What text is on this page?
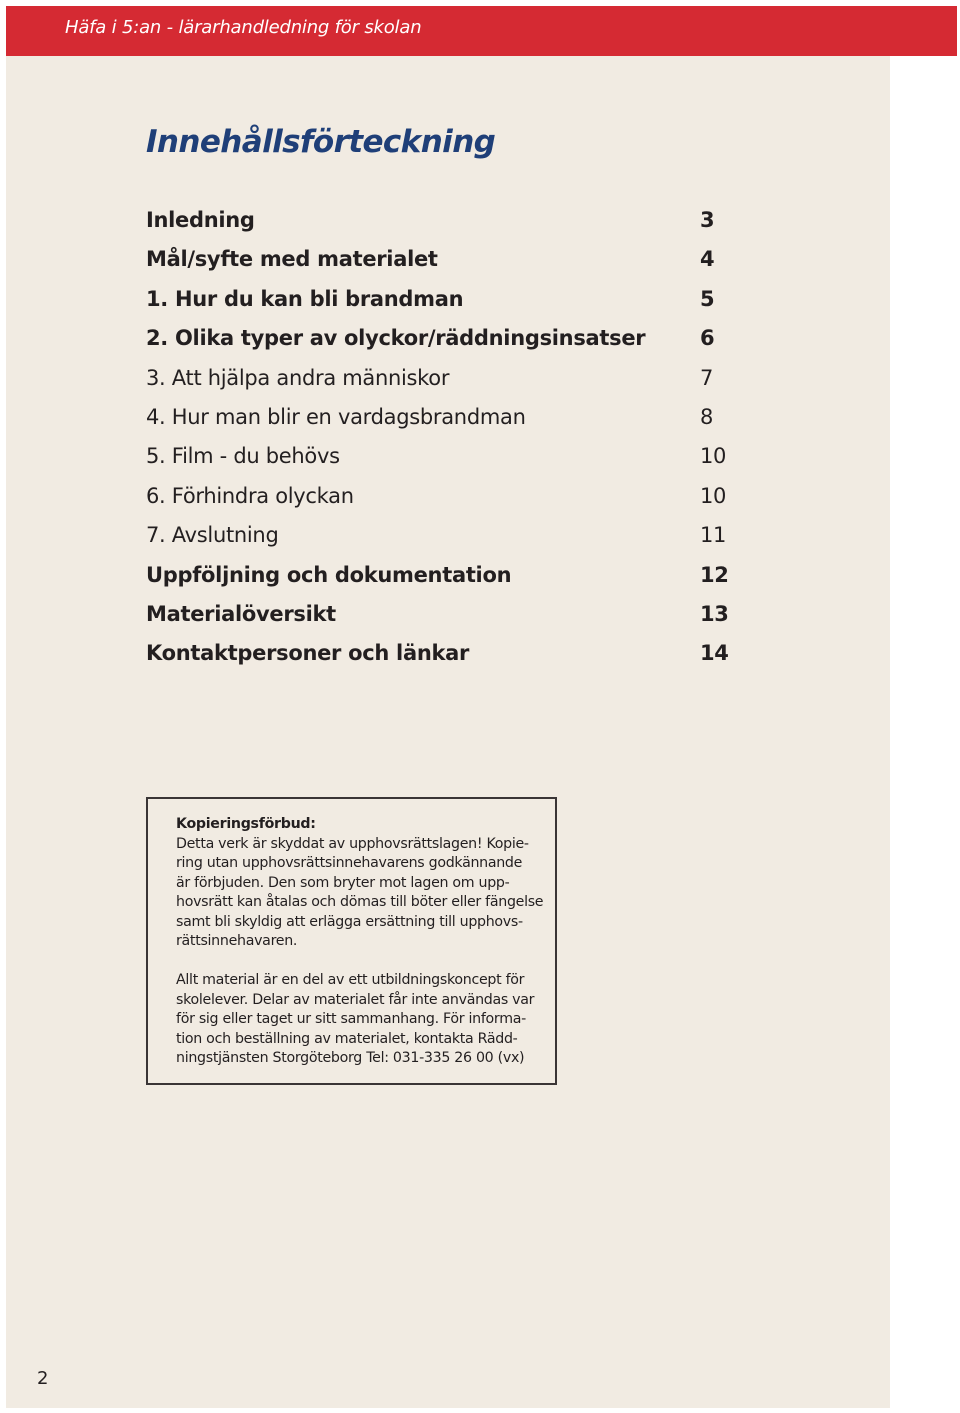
Häfa i 5:an - lärarhandledning för skolan
Innehållsförteckning
Inledning	3
Mål/syfte med materialet	4
1. Hur du kan bli brandman	5
2. Olika typer av olyckor/räddningsinsatser	6
3. Att hjälpa andra människor	7
4. Hur man blir en vardagsbrandman	8
5. Film - du behövs	10
6. Förhindra olyckan	10
7. Avslutning	11
Uppföljning och dokumentation	12
Materialöversikt	13
Kontaktpersoner och länkar	14

Kopieringsförbud:
Detta verk är skyddat av upphovsrättslagen! Kopie-
ring utan upphovsrättsinnehavarens godkännande
är förbjuden. Den som bryter mot lagen om upp-
hovsrätt kan åtalas och dömas till böter eller fängelse
samt bli skyldig att erlägga ersättning till upphovs-
rättsinnehavaren.

Allt material är en del av ett utbildningskoncept för
skolelever. Delar av materialet får inte användas var
för sig eller taget ur sitt sammanhang. För informa-
tion och beställning av materialet, kontakta Rädd-
ningstjänsten Storgöteborg Tel: 031-335 26 00 (vx)

2
